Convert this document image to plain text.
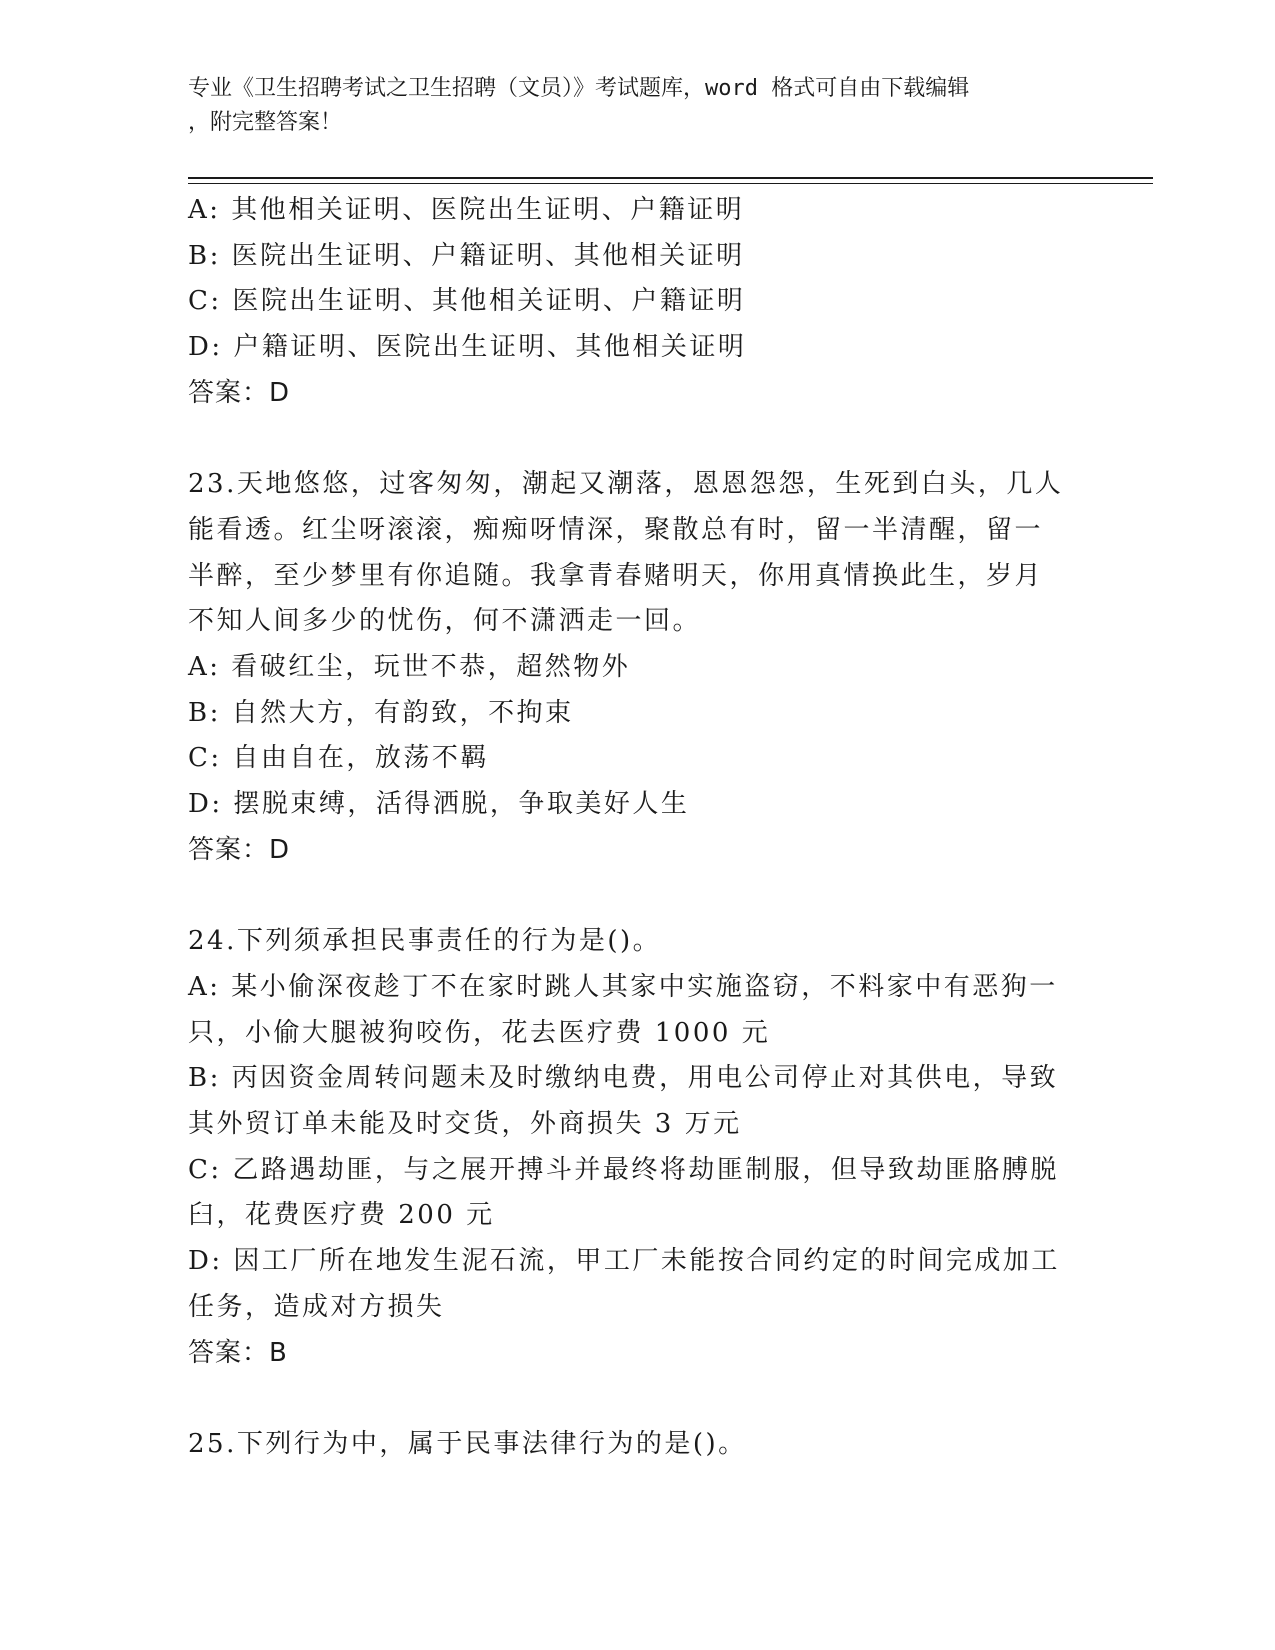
专业《卫生招聘考试之卫生招聘（文员）》考试题库，word 格式可自由下载编辑
，附完整答案！
A: 其他相关证明、医院出生证明、户籍证明
B: 医院出生证明、户籍证明、其他相关证明
C: 医院出生证明、其他相关证明、户籍证明
D: 户籍证明、医院出生证明、其他相关证明
答案：D
23.天地悠悠，过客匆匆，潮起又潮落，恩恩怨怨，生死到白头，几人
能看透。红尘呀滚滚，痴痴呀情深，聚散总有时，留一半清醒，留一
半醉，至少梦里有你追随。我拿青春赌明天，你用真情换此生，岁月
不知人间多少的忧伤，何不潇洒走一回。
A: 看破红尘，玩世不恭，超然物外
B: 自然大方，有韵致，不拘束
C: 自由自在，放荡不羁
D: 摆脱束缚，活得洒脱，争取美好人生
答案：D
24.下列须承担民事责任的行为是()。
A: 某小偷深夜趁丁不在家时跳人其家中实施盗窃，不料家中有恶狗一
只，小偷大腿被狗咬伤，花去医疗费 1000 元
B: 丙因资金周转问题未及时缴纳电费，用电公司停止对其供电，导致
其外贸订单未能及时交货，外商损失 3 万元
C: 乙路遇劫匪，与之展开搏斗并最终将劫匪制服，但导致劫匪胳膊脱
臼，花费医疗费 200 元
D: 因工厂所在地发生泥石流，甲工厂未能按合同约定的时间完成加工
任务，造成对方损失
答案：B
25.下列行为中，属于民事法律行为的是()。
